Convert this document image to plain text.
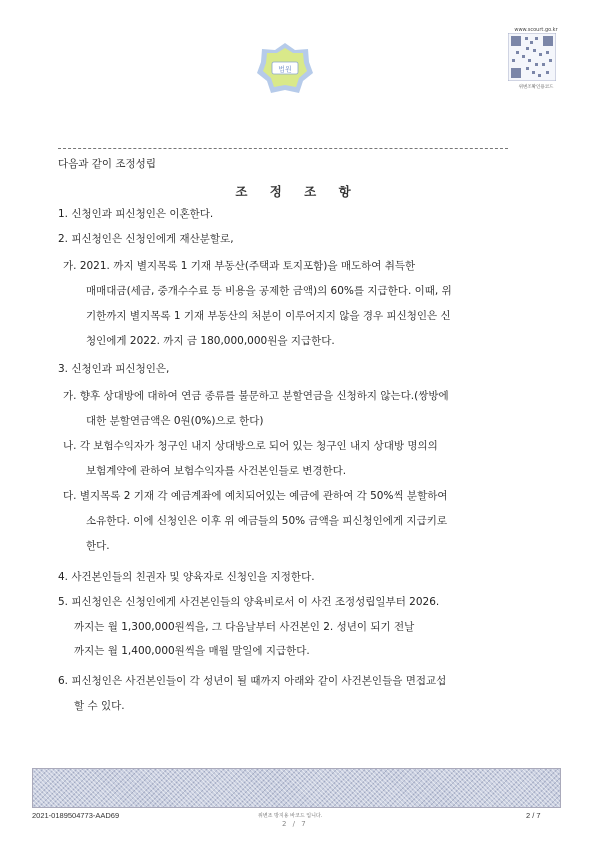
법원
www.scourt.go.kr
위변조확인용코드
다음과 같이 조정성립
조 정 조 항
1. 신청인과 피신청인은 이혼한다.
2. 피신청인은 신청인에게 재산분할로,
가. 2021. 까지 별지목록 1 기재 부동산(주택과 토지포함)을 매도하여 취득한
매매대금(세금, 중개수수료 등 비용을 공제한 금액)의 60%를 지급한다. 이때, 위
기한까지 별지목록 1 기재 부동산의 처분이 이루어지지 않을 경우 피신청인은 신
청인에게 2022. 까지 금 180,000,000원을 지급한다.
3. 신청인과 피신청인은,
가. 향후 상대방에 대하여 연금 종류를 불문하고 분할연금을 신청하지 않는다.(쌍방에
대한 분할연금액은 0원(0%)으로 한다)
나. 각 보험수익자가 청구인 내지 상대방으로 되어 있는 청구인 내지 상대방 명의의
보험계약에 관하여 보험수익자를 사건본인들로 변경한다.
다. 별지목록 2 기재 각 예금계좌에 예치되어있는 예금에 관하여 각 50%씩 분할하여
소유한다. 이에 신청인은 이후 위 예금들의 50% 금액을 피신청인에게 지급키로
한다.
4. 사건본인들의 친권자 및 양육자로 신청인을 지정한다.
5. 피신청인은 신청인에게 사건본인들의 양육비로서 이 사건 조정성립일부터 2026.
까지는 월 1,300,000원씩을, 그 다음날부터 사건본인 2. 성년이 되기 전날
까지는 월 1,400,000원씩을 매월 말일에 지급한다.
6. 피신청인은 사건본인들이 각 성년이 될 때까지 아래와 같이 사건본인들을 면접교섭
할 수 있다.
2021-0189504773-AAD69	위변조 방지용 바코드 입니다.
2 / 7
2 / 7
